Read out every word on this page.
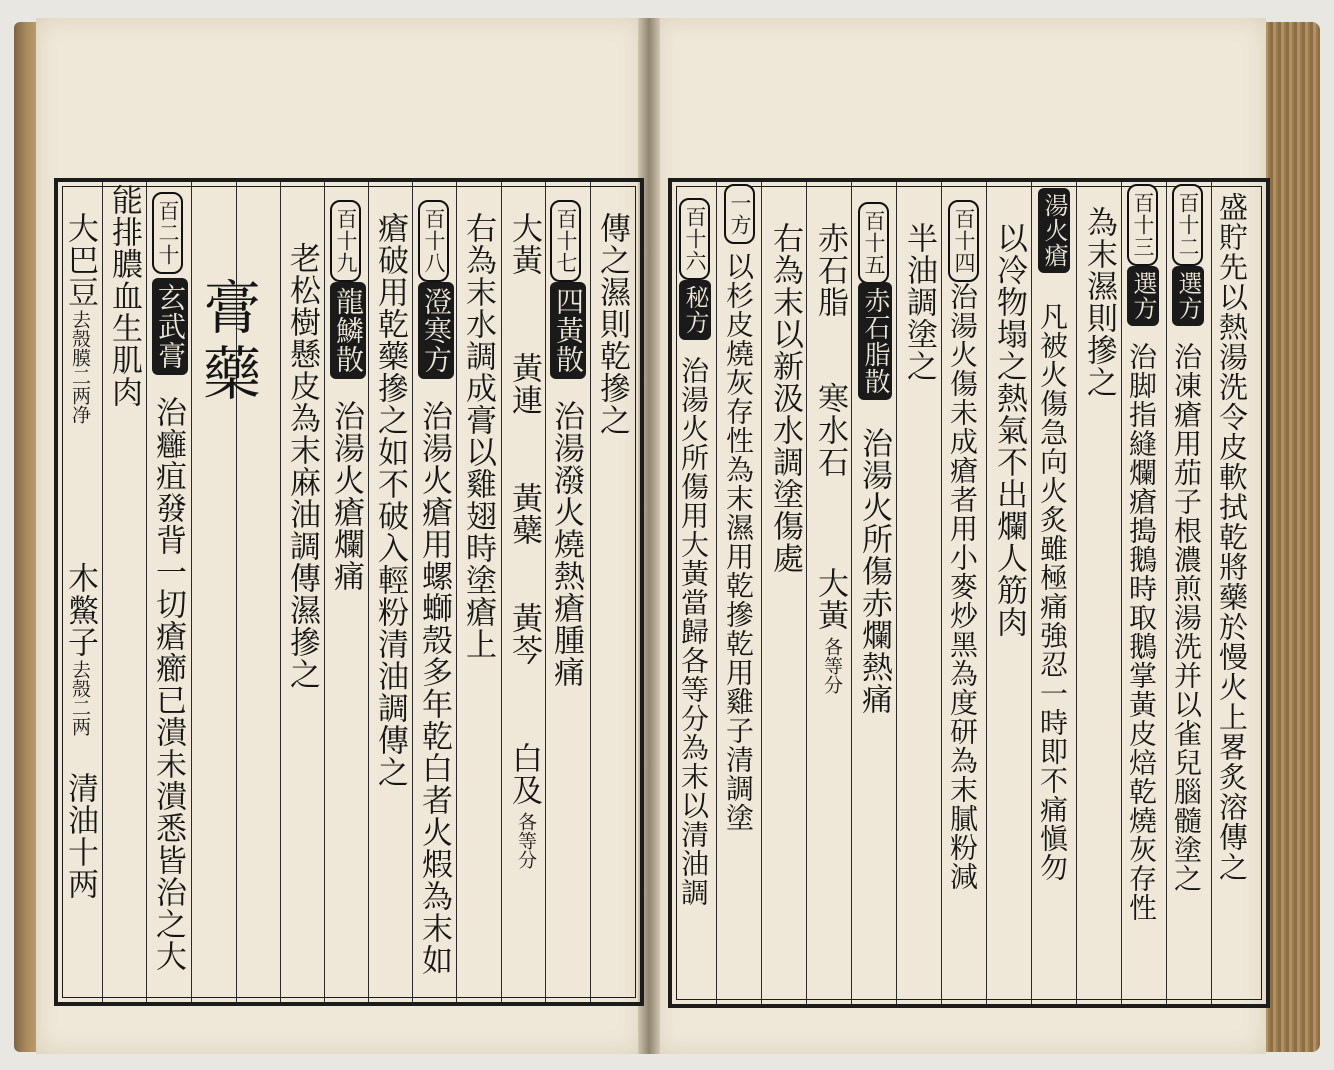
傳之濕則乾摻之
百十七
四黃散
治湯潑火燒熱瘡腫痛
大黃
黃連
黃蘗
黃芩
白及
各等分
右為末水調成膏以雞翅時塗瘡上
百十八
澄寒方
治湯火瘡用螺螄殼多年乾白者火煆為末如
瘡破用乾藥摻之如不破入輕粉清油調傳之
百十九
龍鱗散
治湯火瘡爛痛
老松樹懸皮為末麻油調傳濕摻之
膏藥
百二十
玄武膏
治癰疽發背一切瘡癤已潰未潰悉皆治之大
能排膿血生肌肉
大巴豆
去殼膜二两净
木鱉子
去殼二两
清油十两	盛貯先以熱湯洗令皮軟拭乾將藥於慢火上畧炙溶傳之
百十二
選方
治凍瘡用茄子根濃煎湯洗并以雀兒腦髓塗之
百十三
選方
治脚指縫爛瘡搗鵝時取鵝掌黃皮焙乾燒灰存性
為末濕則摻之
湯火瘡
凡被火傷急向火炙雖極痛強忍一時即不痛愼勿
以冷物塌之熱氣不出爛人筋肉
百十四
治湯火傷未成瘡者用小麥炒黑為度研為末膩粉減
半油調塗之
百十五
赤石脂散
治湯火所傷赤爛熱痛
赤石脂
寒水石
大黃
各等分
右為末以新汲水調塗傷處
一方
以杉皮燒灰存性為末濕用乾摻乾用雞子清調塗
百十六
秘方
治湯火所傷用大黃當歸各等分為末以清油調
